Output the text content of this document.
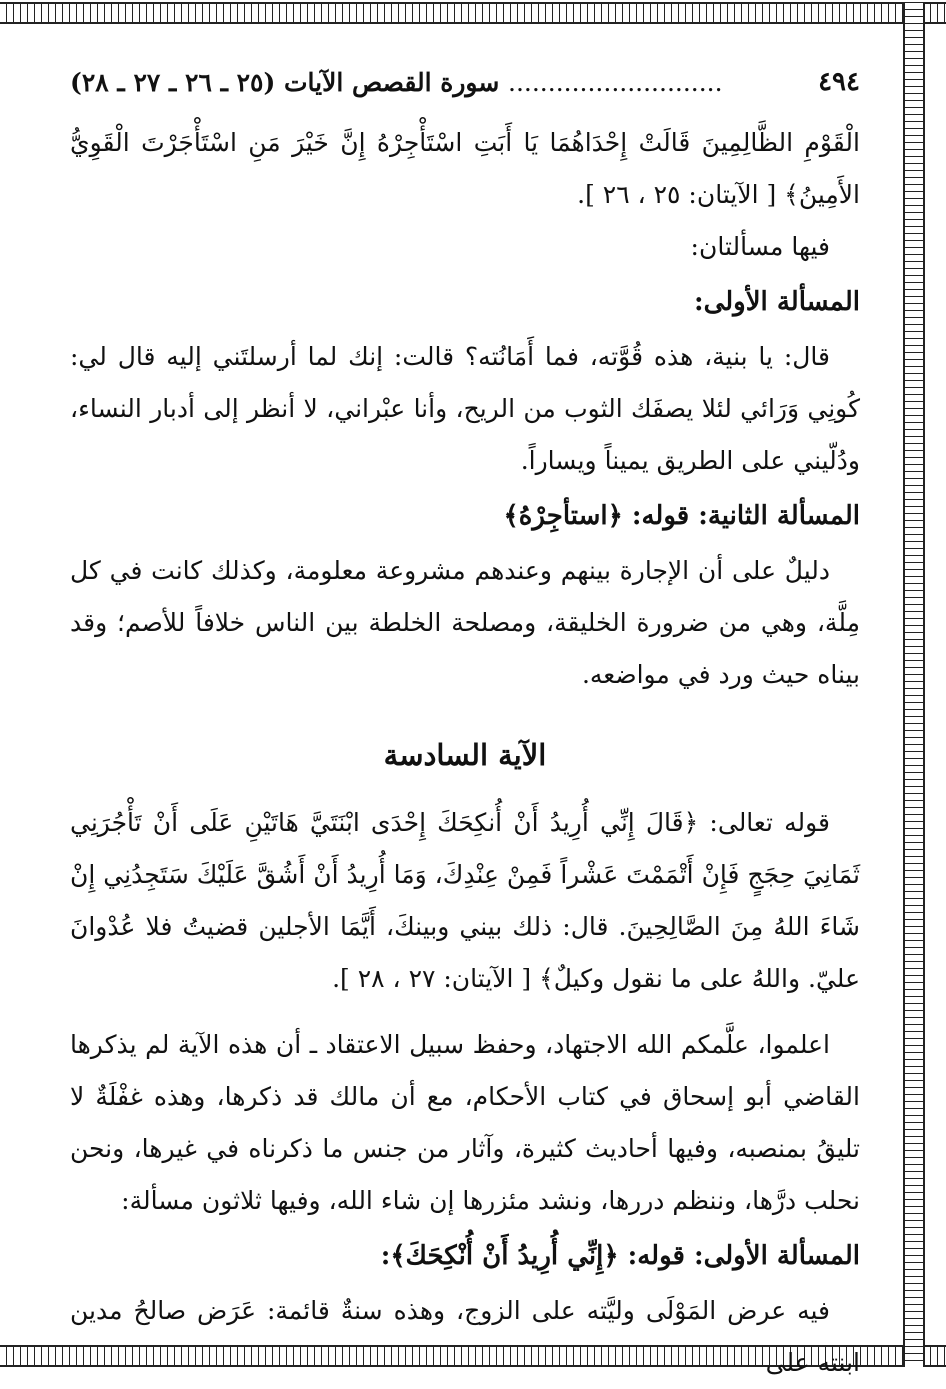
٤٩٤
........................... سورة القصص الآيات (٢٥ ـ ٢٦ ـ ٢٧ ـ ٢٨)

الْقَوْمِ الظَّالِمِينَ قَالَتْ إِحْدَاهُمَا يَا أَبَتِ اسْتَأْجِرْهُ إِنَّ خَيْرَ مَنِ اسْتَأْجَرْتَ الْقَوِيُّ الأَمِينُ﴾ [ الآيتان: ٢٥ ، ٢٦ ].

فيها مسألتان:

المسألة الأولى:

قال: يا بنية، هذه قُوَّته، فما أَمَانُته؟ قالت: إنك لما أرسلتَني إليه قال لي: كُونِي وَرَائي لئلا يصفَك الثوب من الريح، وأنا عبْراني، لا أنظر إلى أدبار النساء، ودُلّيني على الطريق يميناً ويساراً.

المسألة الثانية: قوله: ﴿استأجِرْهُ﴾

دليلٌ على أن الإجارة بينهم وعندهم مشروعة معلومة، وكذلك كانت في كل مِلَّة، وهي من ضرورة الخليقة، ومصلحة الخلطة بين الناس خلافاً للأصم؛ وقد بيناه حيث ورد في مواضعه.

الآية السادسة

قوله تعالى: ﴿قَالَ إِنِّي أُرِيدُ أَنْ أُنكِحَكَ إِحْدَى ابْنَتَيَّ هَاتَيْنِ عَلَى أَنْ تَأْجُرَنِي ثَمَانِيَ حِجَجٍ فَإِنْ أَتْمَمْتَ عَشْراً فَمِنْ عِنْدِكَ، وَمَا أُرِيدُ أَنْ أَشُقَّ عَلَيْكَ سَتَجِدُنِي إِنْ شَاءَ اللهُ مِنَ الصَّالِحِينَ. قال: ذلك بيني وبينكَ، أَيَّمَا الأجلين قضيتُ فلا عُدْوانَ عليّ. واللهُ على ما نقول وكيلٌ﴾ [ الآيتان: ٢٧ ، ٢٨ ].

اعلموا، علَّمكم الله الاجتهاد، وحفظ سبيل الاعتقاد ـ أن هذه الآية لم يذكرها القاضي أبو إسحاق في كتاب الأحكام، مع أن مالك قد ذكرها، وهذه غفْلَةٌ لا تليقُ بمنصبه، وفيها أحاديث كثيرة، وآثار من جنس ما ذكرناه في غيرها، ونحن نحلب درَّها، وننظم دررها، ونشد مئزرها إن شاء الله، وفيها ثلاثون مسألة:

المسألة الأولى: قوله: ﴿إِنِّي أُرِيدُ أَنْ أُنْكِحَكَ﴾:

فيه عرض المَوْلَى وليَّته على الزوج، وهذه سنةٌ قائمة: عَرَض صالحُ مدين ابنته على
